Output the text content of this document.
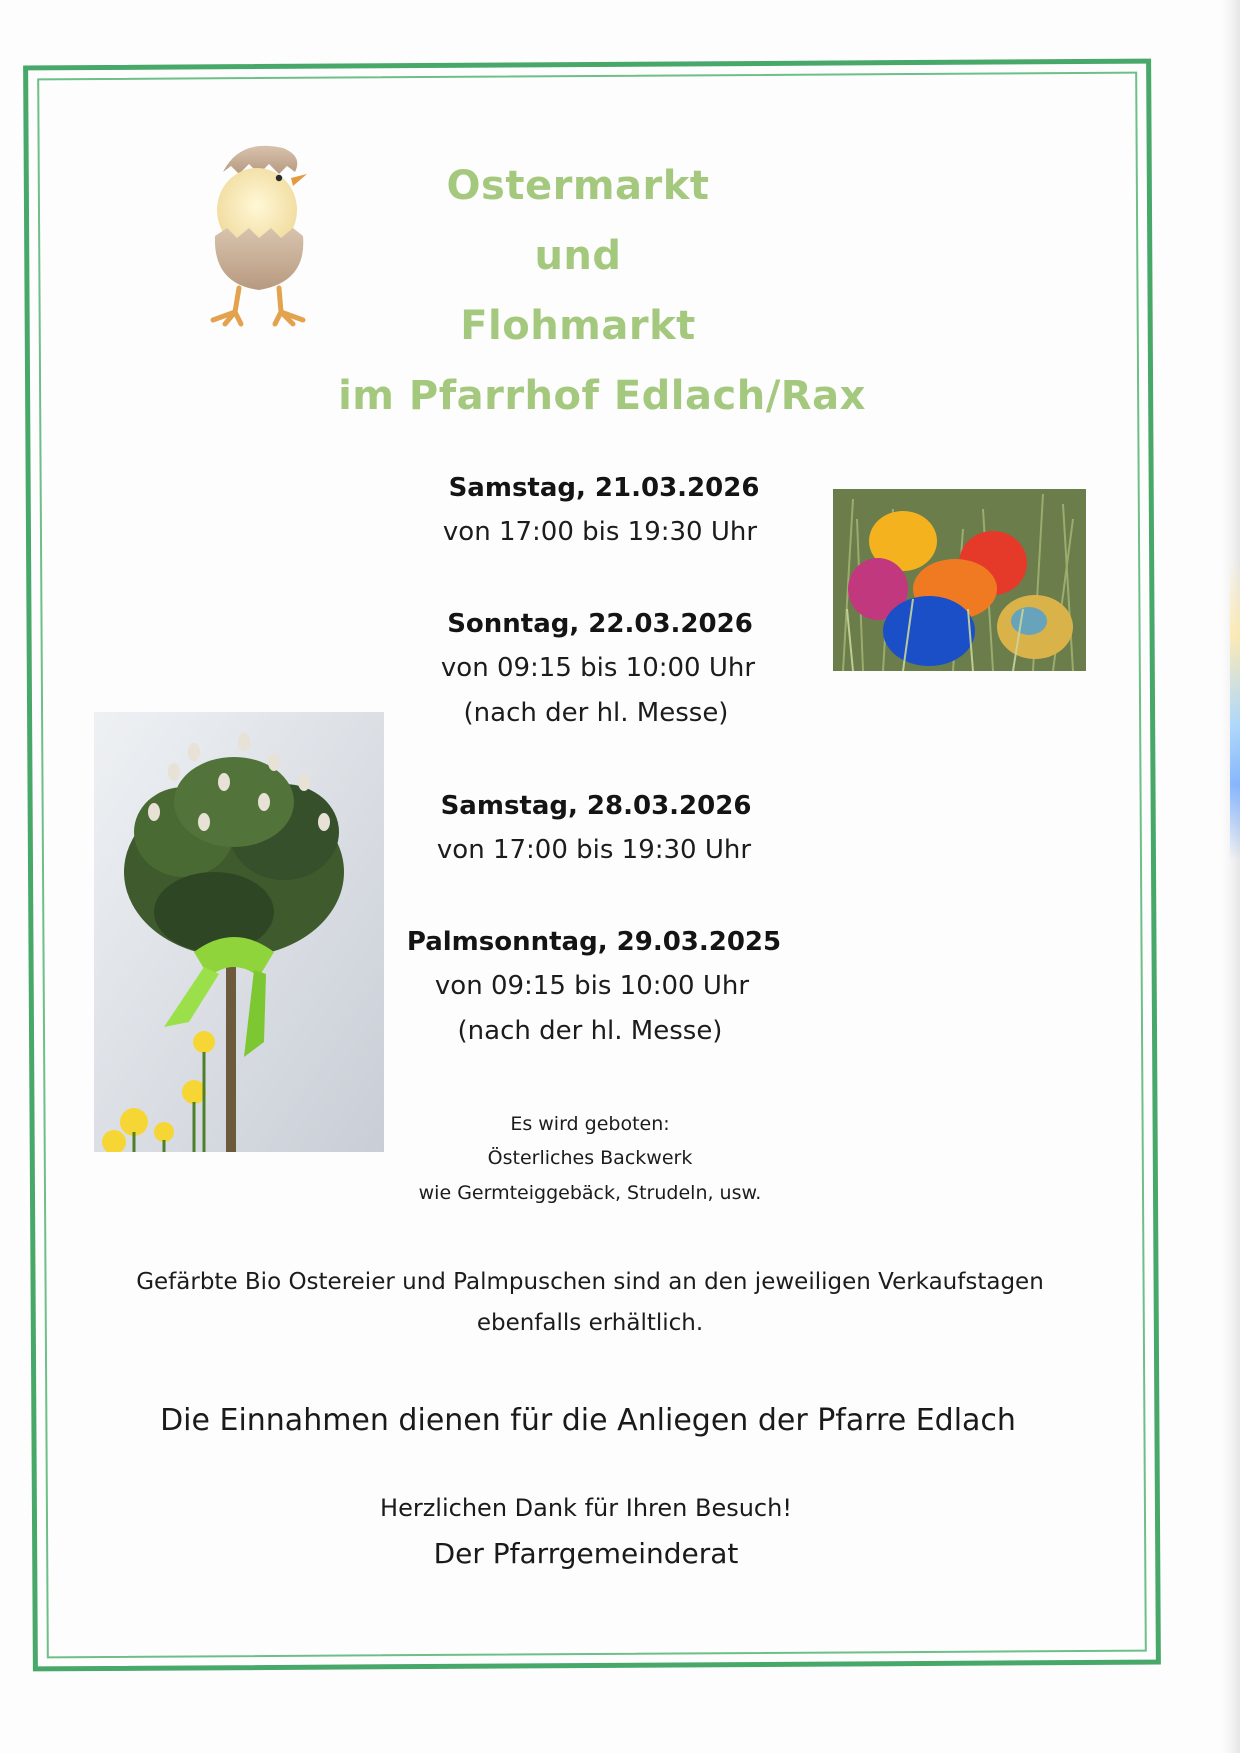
Ostermarkt
und
Flohmarkt
im Pfarrhof Edlach/Rax
Samstag, 21.03.2026
von 17:00 bis 19:30 Uhr
Sonntag, 22.03.2026
von 09:15 bis 10:00 Uhr
(nach der hl. Messe)
Samstag, 28.03.2026
von 17:00 bis 19:30 Uhr
Palmsonntag, 29.03.2025
von 09:15 bis 10:00 Uhr
(nach der hl. Messe)
Es wird geboten:
Österliches Backwerk
wie Germteiggebäck, Strudeln, usw.
Gefärbte Bio Ostereier und Palmpuschen sind an den jeweiligen Verkaufstagen
ebenfalls erhältlich.
Die Einnahmen dienen für die Anliegen der Pfarre Edlach
Herzlichen Dank für Ihren Besuch!
Der Pfarrgemeinderat
